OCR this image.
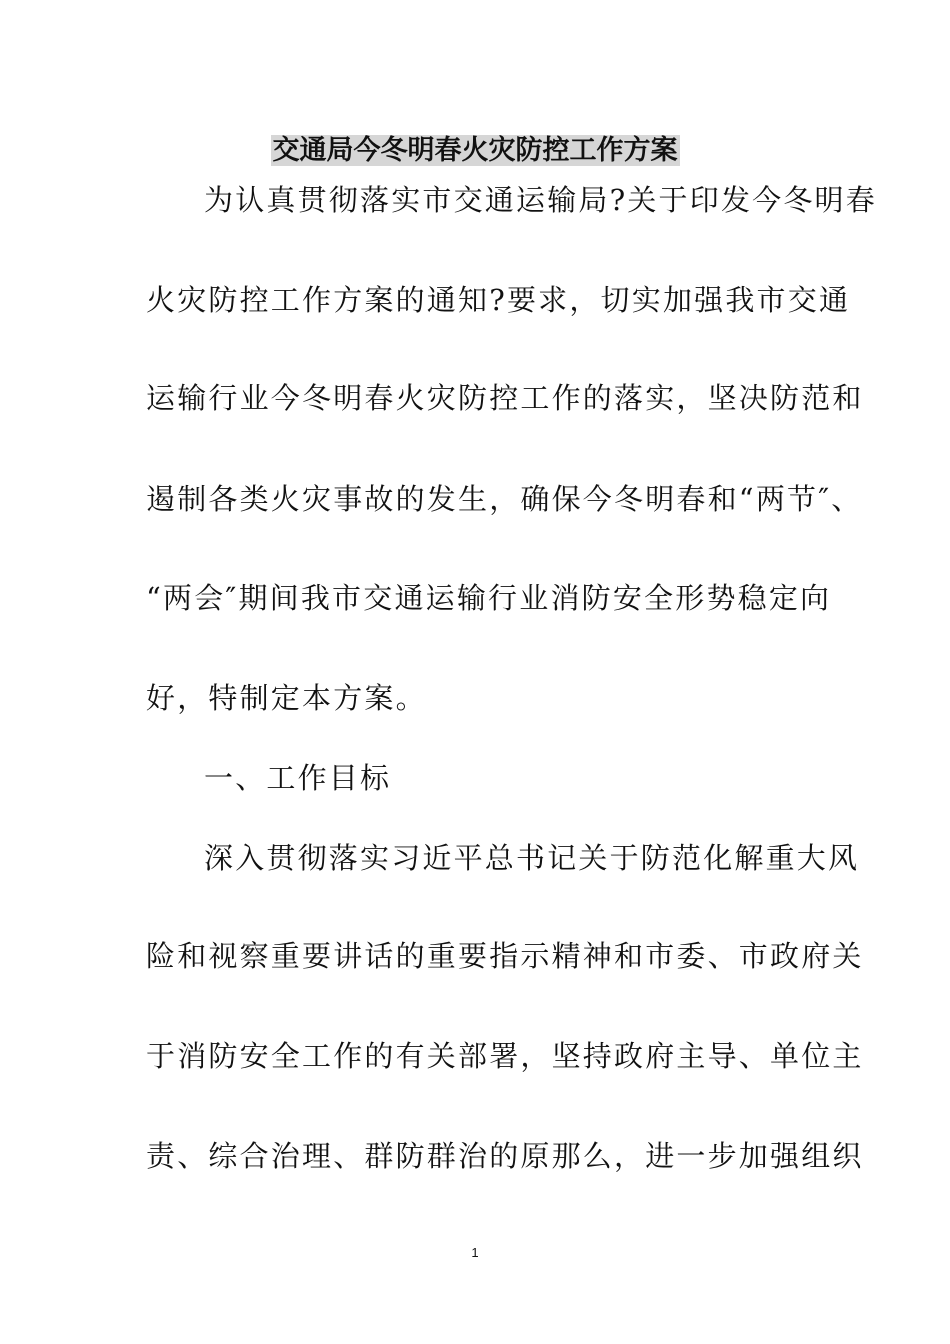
交通局今冬明春火灾防控工作方案
为认真贯彻落实市交通运输局?关于印发今冬明春
火灾防控工作方案的通知?要求，切实加强我市交通
运输行业今冬明春火灾防控工作的落实，坚决防范和
遏制各类火灾事故的发生，确保今冬明春和“两节″、
“两会″期间我市交通运输行业消防安全形势稳定向
好，特制定本方案。
一、工作目标
深入贯彻落实习近平总书记关于防范化解重大风
险和视察重要讲话的重要指示精神和市委、市政府关
于消防安全工作的有关部署，坚持政府主导、单位主
责、综合治理、群防群治的原那么，进一步加强组织
1
